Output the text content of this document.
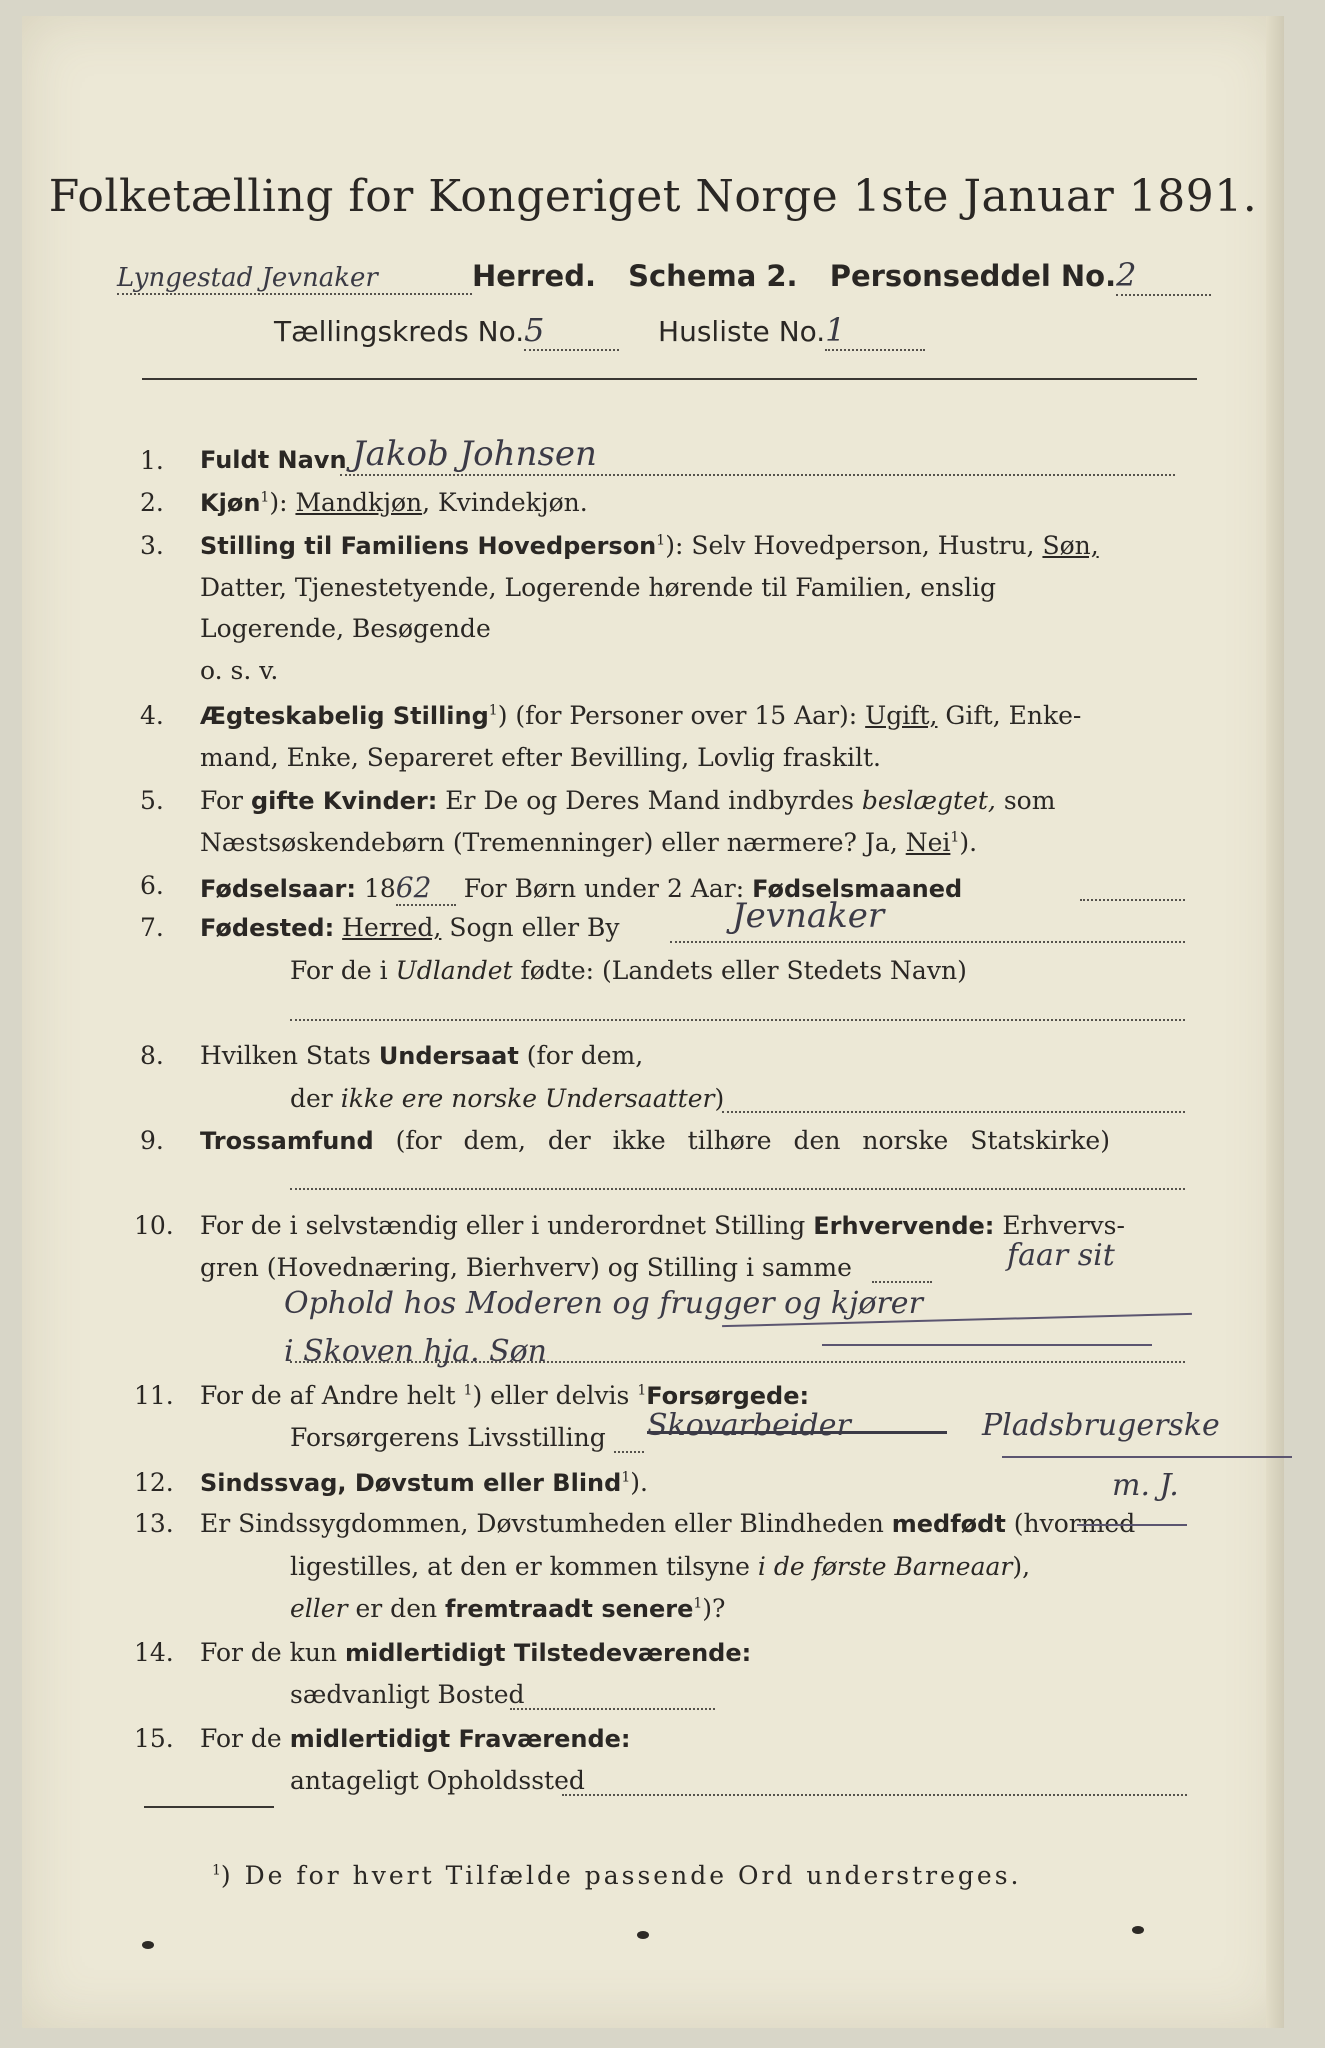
Folketælling for Kongeriget Norge 1ste Januar 1891.
Lyngestad Jevnaker	Herred. Schema 2. Personseddel No.2
Tællingskreds No.5	Husliste No.1
1.	Fuldt Navn Jakob Johnsen
2.	Kjøn$^1$): Mandkjøn, Kvindekjøn.
3.	Stilling til Familiens Hovedperson$^1$): Selv Hovedperson, Hustru, Søn,
Datter, Tjenestetyende, Logerende hørende til Familien, enslig
Logerende, Besøgende
o. s. v.
4.	Ægteskabelig Stilling$^1$) (for Personer over 15 Aar): Ugift, Gift, Enke-
mand, Enke, Separeret efter Bevilling, Lovlig fraskilt.
5.	For gifte Kvinder: Er De og Deres Mand indbyrdes beslægtet, som
Næstsøskendebørn (Tremenninger) eller nærmere? Ja, Nei$^1$).
6.	Fødselsaar: 1862 For Børn under 2 Aar: Fødselsmaaned
7.	Fødested: Herred, Sogn eller By	Jevnaker
For de i Udlandet fødte: (Landets eller Stedets Navn)
8.	Hvilken Stats Undersaat (for dem,
der ikke ere norske Undersaatter)
9.	Trossamfund (for dem, der ikke tilhøre den norske Statskirke)
10.	For de i selvstændig eller i underordnet Stilling Erhvervende: Erhvervs-
gren (Hovednæring, Bierhverv) og Stilling i samme	faar sit
Ophold hos Moderen og frugger og kjører
i Skoven hja. Søn
11.	For de af Andre helt $^1$) eller delvis $^1$Forsørgede:
Forsørgerens Livsstilling Skovarbeider	Pladsbrugerske
m. J.
12.	Sindssvag, Døvstum eller Blind$^1$).
13.	Er Sindssygdommen, Døvstumheden eller Blindheden medfødt (hvormed
ligestilles, at den er kommen tilsyne i de første Barneaar),
eller er den fremtraadt senere$^1$)?
14.	For de kun midlertidigt Tilstedeværende:
sædvanligt Bosted
15.	For de midlertidigt Fraværende:
antageligt Opholdssted
$^1$) De for hvert Tilfælde passende Ord understreges.
